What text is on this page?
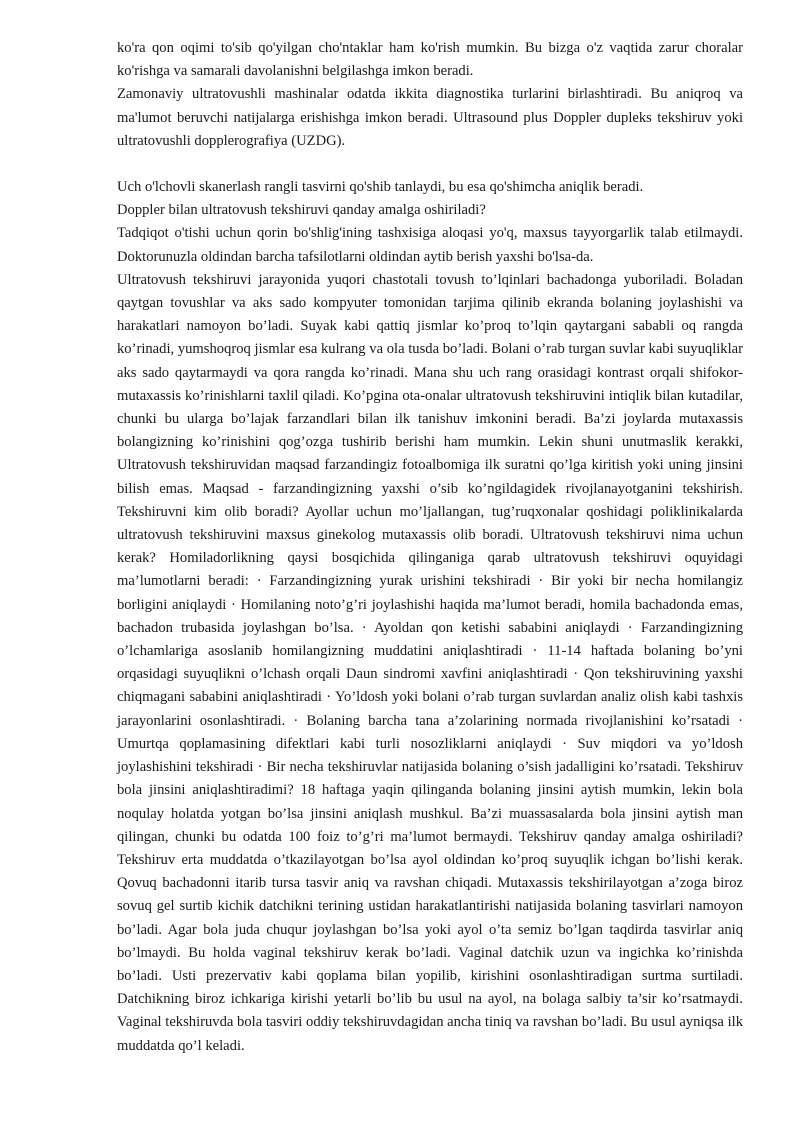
ko'ra qon oqimi to'sib qo'yilgan cho'ntaklar ham ko'rish mumkin. Bu bizga o'z vaqtida zarur choralar ko'rishga va samarali davolanishni belgilashga imkon beradi.

Zamonaviy ultratovushli mashinalar odatda ikkita diagnostika turlarini birlashtiradi. Bu aniqroq va ma'lumot beruvchi natijalarga erishishga imkon beradi. Ultrasound plus Doppler dupleks tekshiruv yoki ultratovushli dopplerografiya (UZDG).

Uch o'lchovli skanerlash rangli tasvirni qo'shib tanlaydi, bu esa qo'shimcha aniqlik beradi.

Doppler bilan ultratovush tekshiruvi qanday amalga oshiriladi?

Tadqiqot o'tishi uchun qorin bo'shlig'ining tashxisiga aloqasi yo'q, maxsus tayyorgarlik talab etilmaydi. Doktorunuzla oldindan barcha tafsilotlarni oldindan aytib berish yaxshi bo'lsa-da.

Ultratovush tekshiruvi jarayonida yuqori chastotali tovush to’lqinlari bachadonga yuboriladi. Boladan qaytgan tovushlar va aks sado kompyuter tomonidan tarjima qilinib ekranda bolaning joylashishi va harakatlari namoyon bo’ladi. Suyak kabi qattiq jismlar ko’proq to’lqin qaytargani sababli oq rangda ko’rinadi, yumshoqroq jismlar esa kulrang va ola tusda bo’ladi. Bolani o’rab turgan suvlar kabi suyuqliklar aks sado qaytarmaydi va qora rangda ko’rinadi. Mana shu uch rang orasidagi kontrast orqali shifokor-mutaxassis ko’rinishlarni taxlil qiladi. Ko’pgina ota-onalar ultratovush tekshiruvini intiqlik bilan kutadilar, chunki bu ularga bo’lajak farzandlari bilan ilk tanishuv imkonini beradi. Ba’zi joylarda mutaxassis bolangizning ko’rinishini qog’ozga tushirib berishi ham mumkin. Lekin shuni unutmaslik kerakki, Ultratovush tekshiruvidan maqsad farzandingiz fotoalbomiga ilk suratni qo’lga kiritish yoki uning jinsini bilish emas. Maqsad - farzandingizning yaxshi o’sib ko’ngildagidek rivojlanayotganini tekshirish. Tekshiruvni kim olib boradi? Ayollar uchun mo’ljallangan, tug’ruqxonalar qoshidagi poliklinikalarda ultratovush tekshiruvini maxsus ginekolog mutaxassis olib boradi. Ultratovush tekshiruvi nima uchun kerak? Homiladorlikning qaysi bosqichida qilinganiga qarab ultratovush tekshiruvi oquyidagi ma’lumotlarni beradi: · Farzandingizning yurak urishini tekshiradi · Bir yoki bir necha homilangiz borligini aniqlaydi · Homilaning noto’g’ri joylashishi haqida ma’lumot beradi, homila bachadonda emas, bachadon trubasida joylashgan bo’lsa. · Ayoldan qon ketishi sababini aniqlaydi · Farzandingizning o’lchamlariga asoslanib homilangizning muddatini aniqlashtiradi · 11-14 haftada bolaning bo’yni orqasidagi suyuqlikni o’lchash orqali Daun sindromi xavfini aniqlashtiradi · Qon tekshiruvining yaxshi chiqmagani sababini aniqlashtiradi · Yo’ldosh yoki bolani o’rab turgan suvlardan analiz olish kabi tashxis jarayonlarini osonlashtiradi. · Bolaning barcha tana a’zolarining normada rivojlanishini ko’rsatadi · Umurtqa qoplamasining difektlari kabi turli nosozliklarni aniqlaydi · Suv miqdori va yo’ldosh joylashishini tekshiradi · Bir necha tekshiruvlar natijasida bolaning o’sish jadalligini ko’rsatadi. Tekshiruv bola jinsini aniqlashtiradimi? 18 haftaga yaqin qilinganda bolaning jinsini aytish mumkin, lekin bola noqulay holatda yotgan bo’lsa jinsini aniqlash mushkul. Ba’zi muassasalarda bola jinsini aytish man qilingan, chunki bu odatda 100 foiz to’g’ri ma’lumot bermaydi. Tekshiruv qanday amalga oshiriladi? Tekshiruv erta muddatda o’tkazilayotgan bo’lsa ayol oldindan ko’proq suyuqlik ichgan bo’lishi kerak. Qovuq bachadonni itarib tursa tasvir aniq va ravshan chiqadi. Mutaxassis tekshirilayotgan a’zoga biroz sovuq gel surtib kichik datchikni terining ustidan harakatlantirishi natijasida bolaning tasvirlari namoyon bo’ladi. Agar bola juda chuqur joylashgan bo’lsa yoki ayol o’ta semiz bo’lgan taqdirda tasvirlar aniq bo’lmaydi. Bu holda vaginal tekshiruv kerak bo’ladi. Vaginal datchik uzun va ingichka ko’rinishda bo’ladi. Usti prezervativ kabi qoplama bilan yopilib, kirishini osonlashtiradigan surtma surtiladi. Datchikning biroz ichkariga kirishi yetarli bo’lib bu usul na ayol, na bolaga salbiy ta’sir ko’rsatmaydi. Vaginal tekshiruvda bola tasviri oddiy tekshiruvdagidan ancha tiniq va ravshan bo’ladi. Bu usul ayniqsa ilk muddatda qo’l keladi.
